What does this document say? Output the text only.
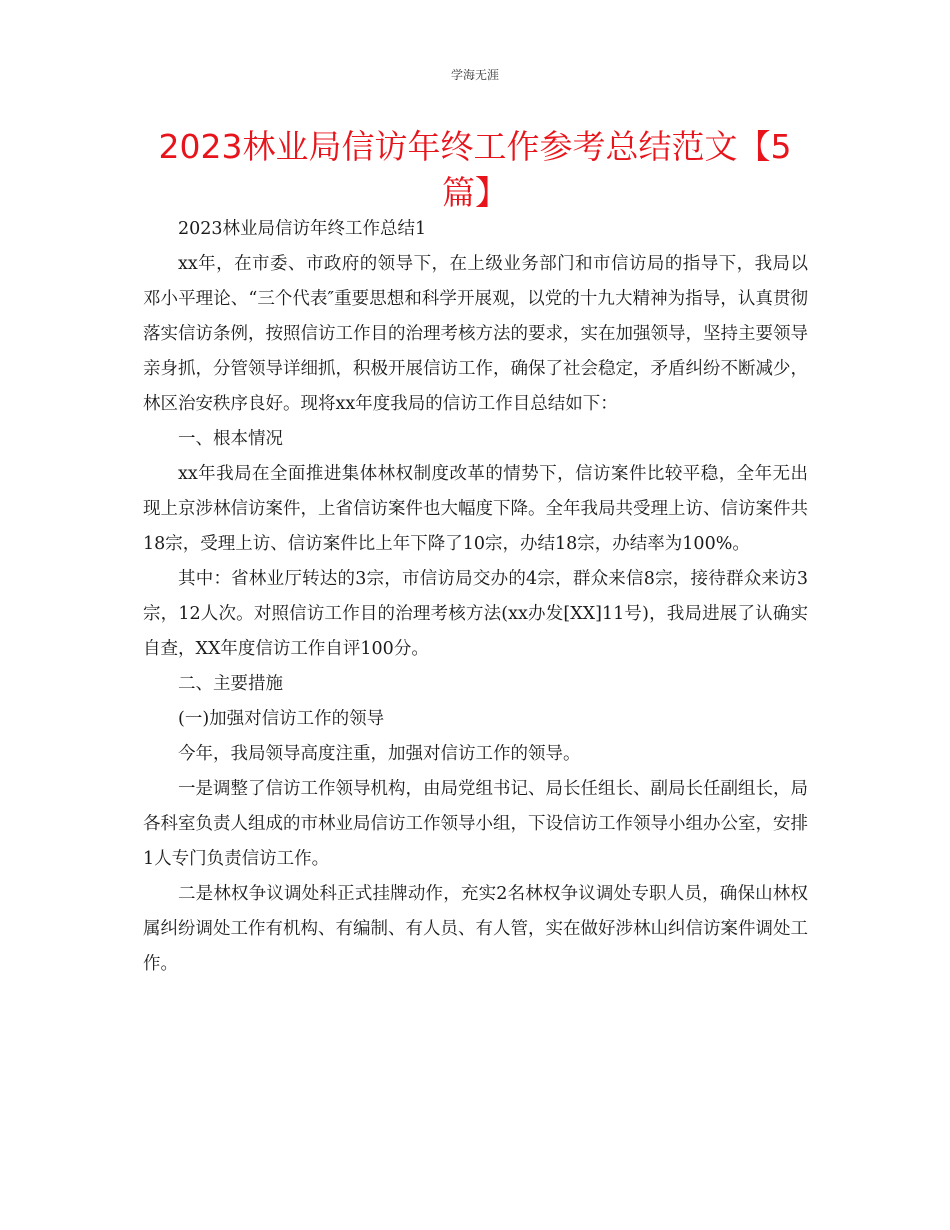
学海无涯
2023林业局信访年终工作参考总结范文【5篇】

2023林业局信访年终工作总结1

xx年，在市委、市政府的领导下，在上级业务部门和市信访局的指导下，我局以邓小平理论、“三个代表″重要思想和科学开展观，以党的十九大精神为指导，认真贯彻落实信访条例，按照信访工作目的治理考核方法的要求，实在加强领导，坚持主要领导亲身抓，分管领导详细抓，积极开展信访工作，确保了社会稳定，矛盾纠纷不断减少，林区治安秩序良好。现将xx年度我局的信访工作目总结如下：

一、根本情况

xx年我局在全面推进集体林权制度改革的情势下，信访案件比较平稳，全年无出现上京涉林信访案件，上省信访案件也大幅度下降。全年我局共受理上访、信访案件共18宗，受理上访、信访案件比上年下降了10宗，办结18宗，办结率为100%。

其中：省林业厅转达的3宗，市信访局交办的4宗，群众来信8宗，接待群众来访3宗，12人次。对照信访工作目的治理考核方法(xx办发[XX]11号)，我局进展了认确实自查，XX年度信访工作自评100分。

二、主要措施

(一)加强对信访工作的领导

今年，我局领导高度注重，加强对信访工作的领导。

一是调整了信访工作领导机构，由局党组书记、局长任组长、副局长任副组长，局各科室负责人组成的市林业局信访工作领导小组，下设信访工作领导小组办公室，安排1人专门负责信访工作。

二是林权争议调处科正式挂牌动作，充实2名林权争议调处专职人员，确保山林权属纠纷调处工作有机构、有编制、有人员、有人管，实在做好涉林山纠信访案件调处工作。
